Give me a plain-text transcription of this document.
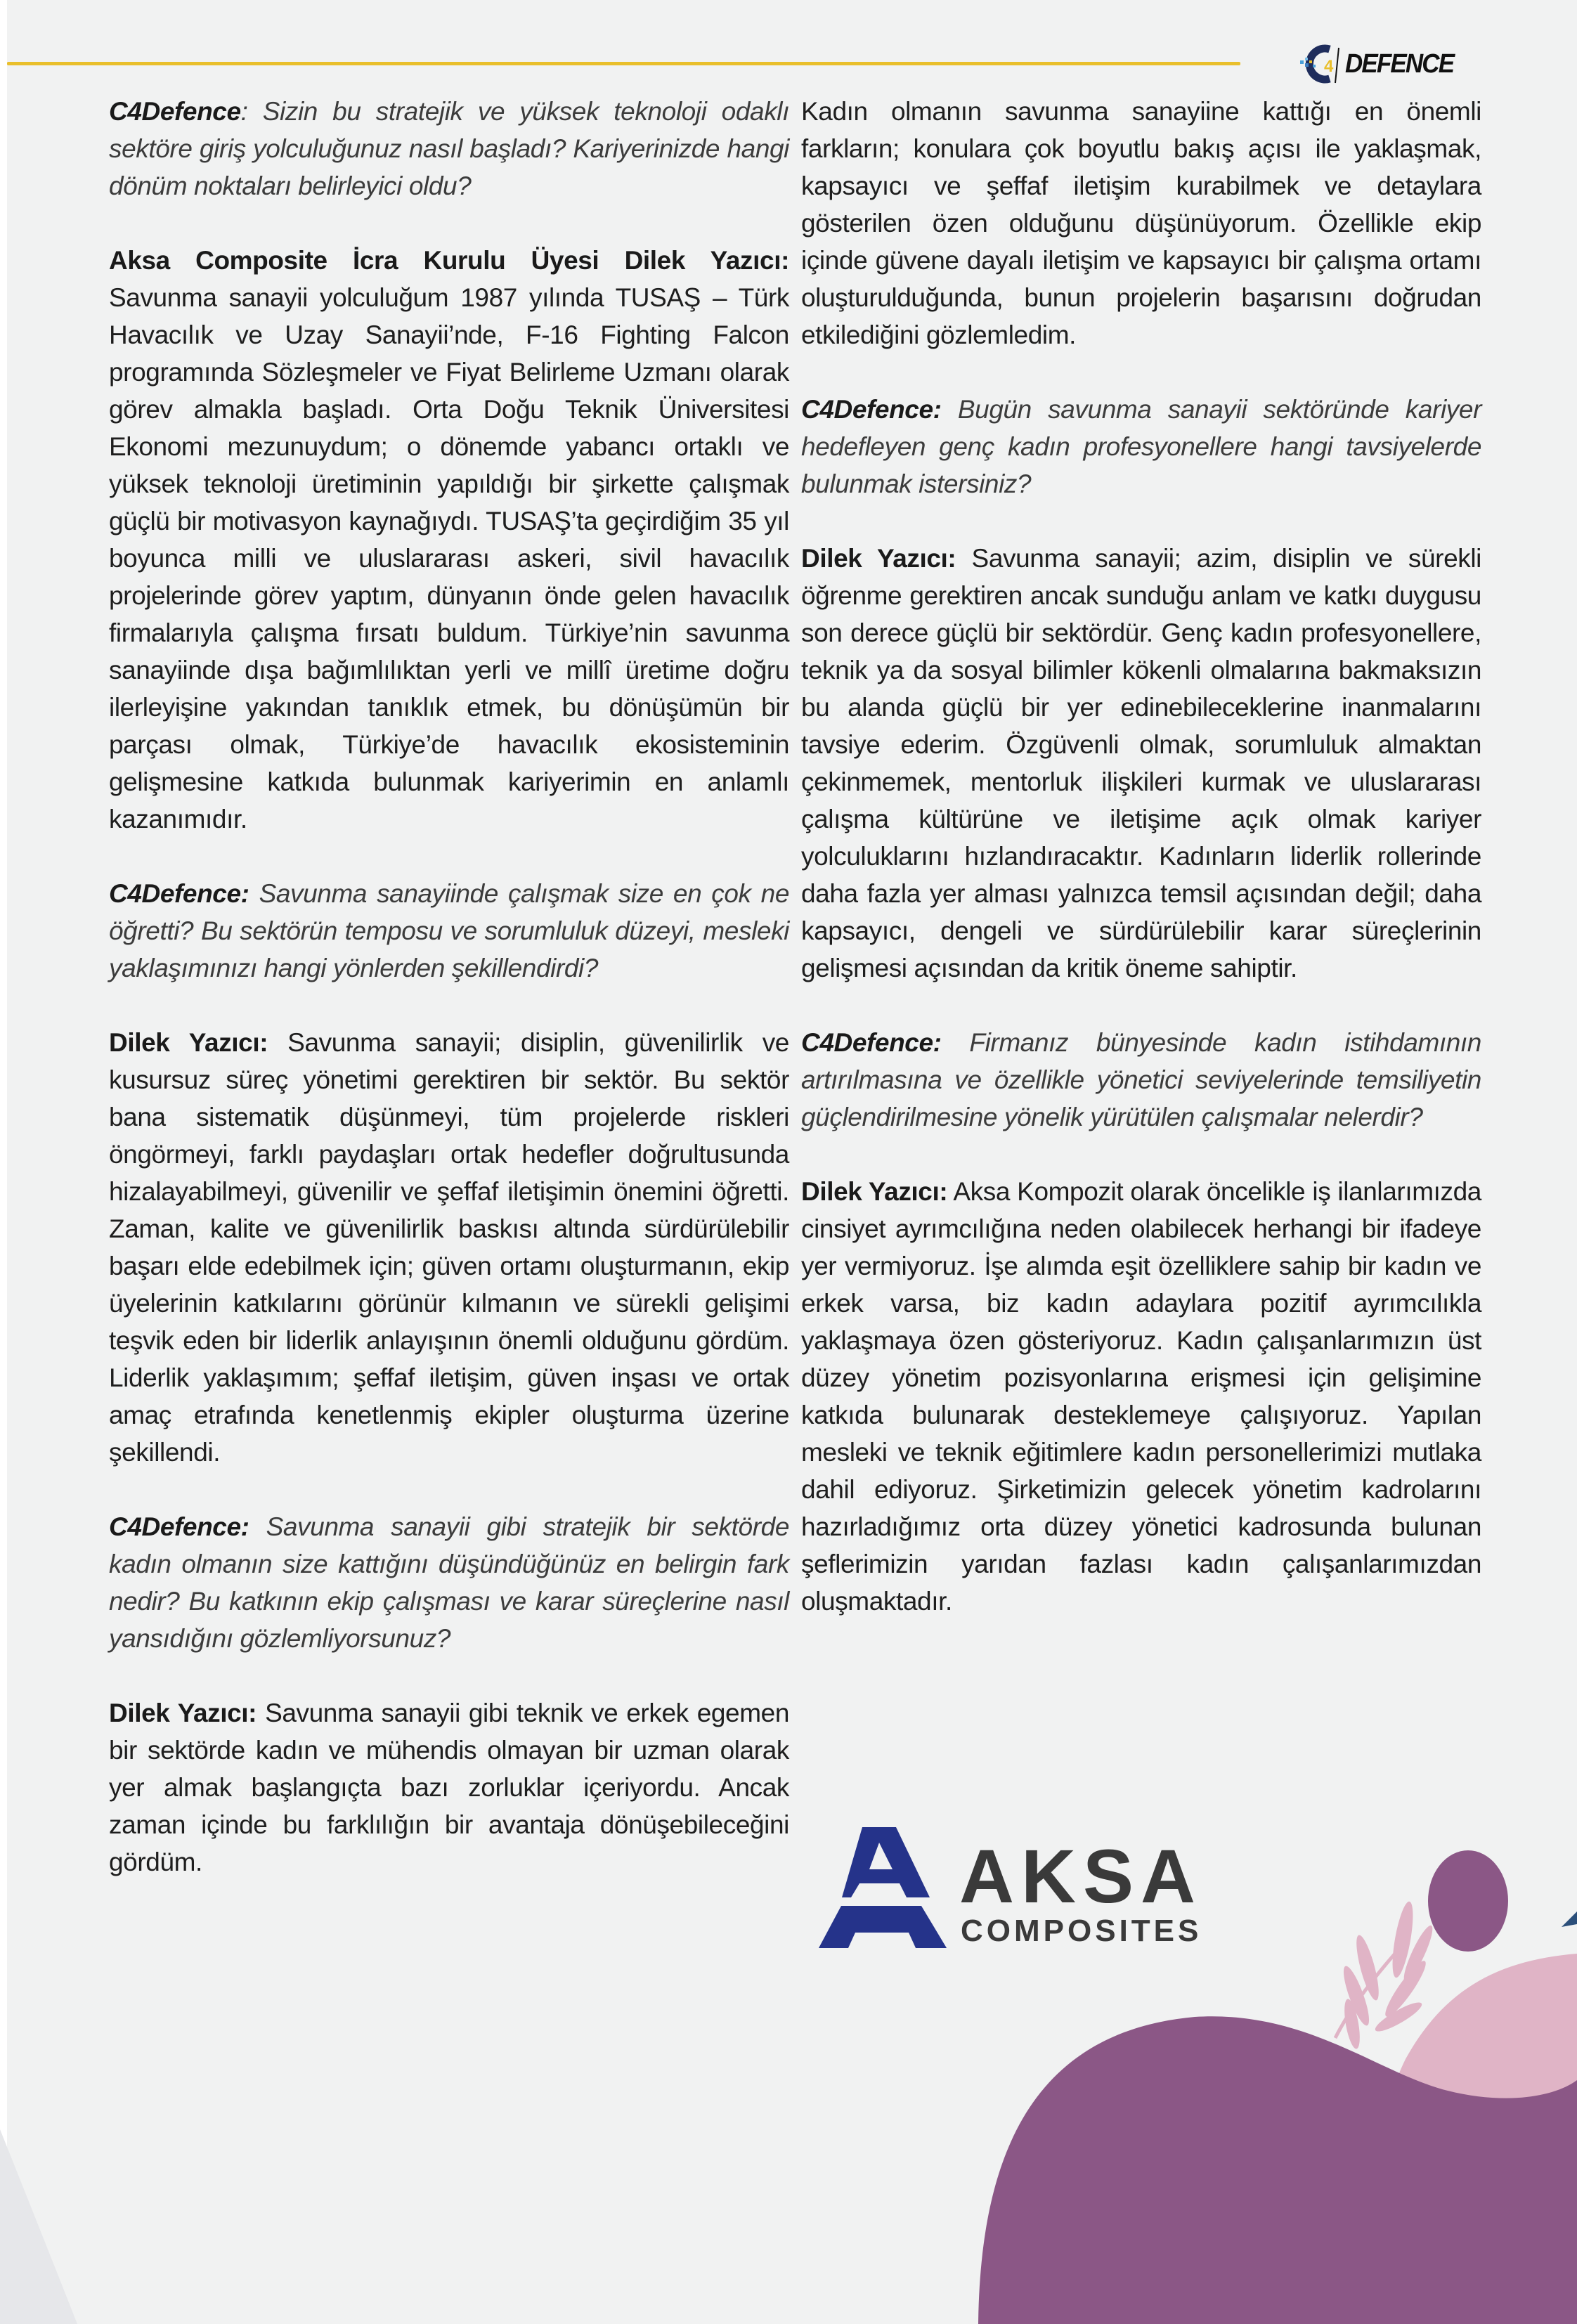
4 DEFENCE

C4Defence: Sizin bu stratejik ve yüksek teknoloji odaklı sektöre giriş yolculuğunuz nasıl başladı? Kariyerinizde hangi dönüm noktaları belirleyici oldu?

Aksa Composite İcra Kurulu Üyesi Dilek Yazıcı: Savunma sanayii yolculuğum 1987 yılında TUSAŞ – Türk Havacılık ve Uzay Sanayii’nde, F-16 Fighting Falcon programında Sözleşmeler ve Fiyat Belirleme Uzmanı olarak görev almakla başladı. Orta Doğu Teknik Üniversitesi Ekonomi mezunuydum; o dönemde yabancı ortaklı ve yüksek teknoloji üretiminin yapıldığı bir şirkette çalışmak güçlü bir motivasyon kaynağıydı. TUSAŞ’ta geçirdiğim 35 yıl boyunca milli ve uluslararası askeri, sivil havacılık projelerinde görev yaptım, dünyanın önde gelen havacılık firmalarıyla çalışma fırsatı buldum. Türkiye’nin savunma sanayiinde dışa bağımlılıktan yerli ve millî üretime doğru ilerleyişine yakından tanıklık etmek, bu dönüşümün bir parçası olmak, Türkiye’de havacılık ekosisteminin gelişmesine katkıda bulunmak kariyerimin en anlamlı kazanımıdır.

C4Defence: Savunma sanayiinde çalışmak size en çok ne öğretti? Bu sektörün temposu ve sorumluluk düzeyi, mesleki yaklaşımınızı hangi yönlerden şekillendirdi?

Dilek Yazıcı: Savunma sanayii; disiplin, güvenilirlik ve kusursuz süreç yönetimi gerektiren bir sektör. Bu sektör bana sistematik düşünmeyi, tüm projelerde riskleri öngörmeyi, farklı paydaşları ortak hedefler doğrultusunda hizalayabilmeyi, güvenilir ve şeffaf iletişimin önemini öğretti. Zaman, kalite ve güvenilirlik baskısı altında sürdürülebilir başarı elde edebilmek için; güven ortamı oluşturmanın, ekip üyelerinin katkılarını görünür kılmanın ve sürekli gelişimi teşvik eden bir liderlik anlayışının önemli olduğunu gördüm. Liderlik yaklaşımım; şeffaf iletişim, güven inşası ve ortak amaç etrafında kenetlenmiş ekipler oluşturma üzerine şekillendi.

C4Defence: Savunma sanayii gibi stratejik bir sektörde kadın olmanın size kattığını düşündüğünüz en belirgin fark nedir? Bu katkının ekip çalışması ve karar süreçlerine nasıl yansıdığını gözlemliyorsunuz?

Dilek Yazıcı: Savunma sanayii gibi teknik ve erkek egemen bir sektörde kadın ve mühendis olmayan bir uzman olarak yer almak başlangıçta bazı zorluklar içeriyordu. Ancak zaman içinde bu farklılığın bir avantaja dönüşebileceğini gördüm.

Kadın olmanın savunma sanayiine kattığı en önemli farkların; konulara çok boyutlu bakış açısı ile yaklaşmak, kapsayıcı ve şeffaf iletişim kurabilmek ve detaylara gösterilen özen olduğunu düşünüyorum. Özellikle ekip içinde güvene dayalı iletişim ve kapsayıcı bir çalışma ortamı oluşturulduğunda, bunun projelerin başarısını doğrudan etkilediğini gözlemledim.

C4Defence: Bugün savunma sanayii sektöründe kariyer hedefleyen genç kadın profesyonellere hangi tavsiyelerde bulunmak istersiniz?

Dilek Yazıcı: Savunma sanayii; azim, disiplin ve sürekli öğrenme gerektiren ancak sunduğu anlam ve katkı duygusu son derece güçlü bir sektördür. Genç kadın profesyonellere, teknik ya da sosyal bilimler kökenli olmalarına bakmaksızın bu alanda güçlü bir yer edinebileceklerine inanmalarını tavsiye ederim. Özgüvenli olmak, sorumluluk almaktan çekinmemek, mentorluk ilişkileri kurmak ve uluslararası çalışma kültürüne ve iletişime açık olmak kariyer yolculuklarını hızlandıracaktır. Kadınların liderlik rollerinde daha fazla yer alması yalnızca temsil açısından değil; daha kapsayıcı, dengeli ve sürdürülebilir karar süreçlerinin gelişmesi açısından da kritik öneme sahiptir.

C4Defence: Firmanız bünyesinde kadın istihdamının artırılmasına ve özellikle yönetici seviyelerinde temsiliyetin güçlendirilmesine yönelik yürütülen çalışmalar nelerdir?

Dilek Yazıcı: Aksa Kompozit olarak öncelikle iş ilanlarımızda cinsiyet ayrımcılığına neden olabilecek herhangi bir ifadeye yer vermiyoruz. İşe alımda eşit özelliklere sahip bir kadın ve erkek varsa, biz kadın adaylara pozitif ayrımcılıkla yaklaşmaya özen gösteriyoruz. Kadın çalışanlarımızın üst düzey yönetim pozisyonlarına erişmesi için gelişimine katkıda bulunarak desteklemeye çalışıyoruz. Yapılan mesleki ve teknik eğitimlere kadın personellerimizi mutlaka dahil ediyoruz. Şirketimizin gelecek yönetim kadrolarını hazırladığımız orta düzey yönetici kadrosunda bulunan şeflerimizin yarıdan fazlası kadın çalışanlarımızdan oluşmaktadır.

AKSA
COMPOSITES
